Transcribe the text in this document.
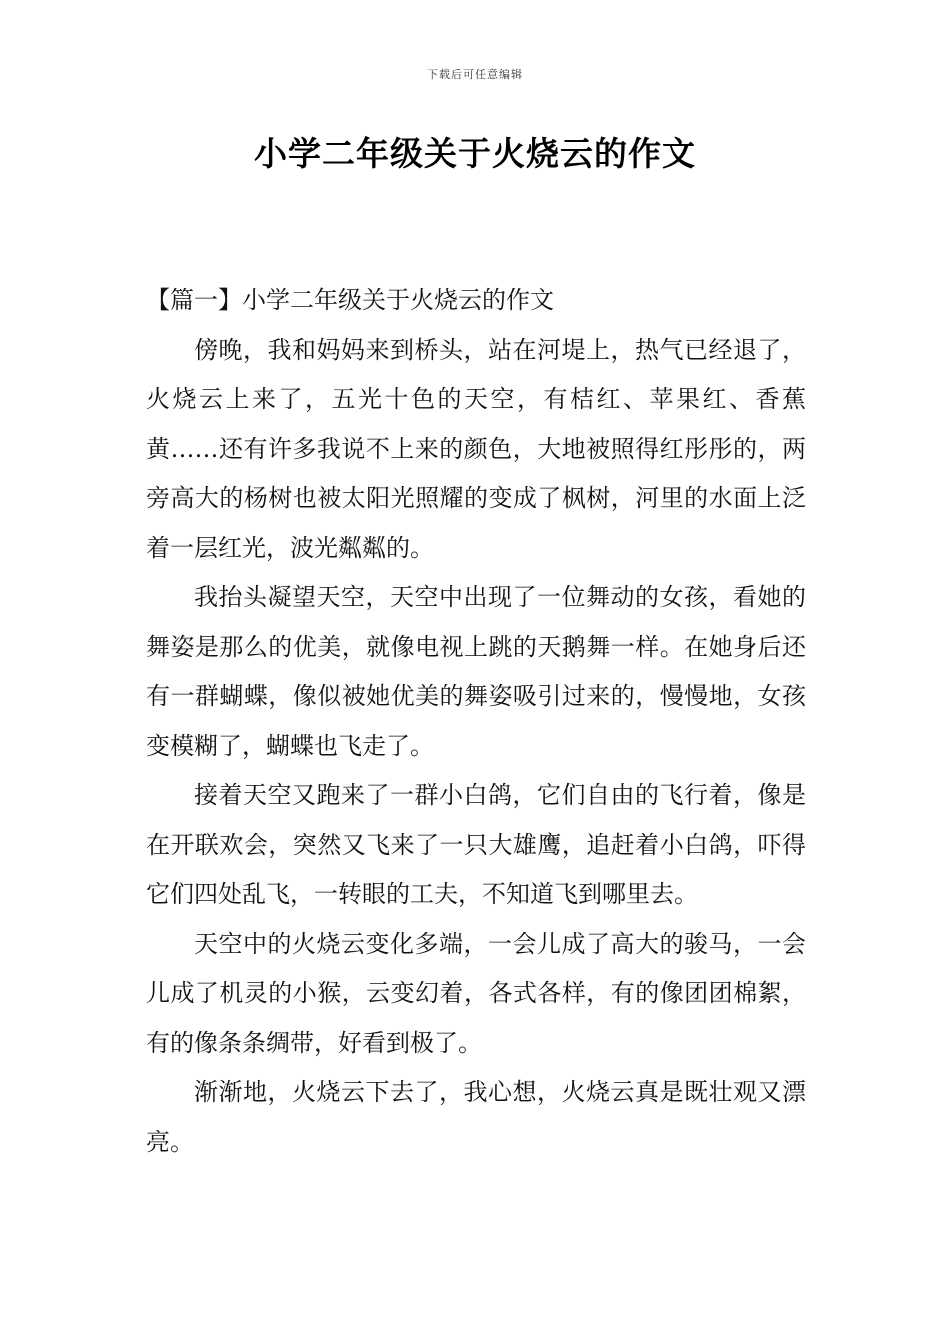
下载后可任意编辑
小学二年级关于火烧云的作文

【篇一】小学二年级关于火烧云的作文

傍晚，我和妈妈来到桥头，站在河堤上，热气已经退了，火烧云上来了，五光十色的天空，有桔红、苹果红、香蕉黄……还有许多我说不上来的颜色，大地被照得红彤彤的，两旁高大的杨树也被太阳光照耀的变成了枫树，河里的水面上泛着一层红光，波光粼粼的。

我抬头凝望天空，天空中出现了一位舞动的女孩，看她的舞姿是那么的优美，就像电视上跳的天鹅舞一样。在她身后还有一群蝴蝶，像似被她优美的舞姿吸引过来的，慢慢地，女孩变模糊了，蝴蝶也飞走了。

接着天空又跑来了一群小白鸽，它们自由的飞行着，像是在开联欢会，突然又飞来了一只大雄鹰，追赶着小白鸽，吓得它们四处乱飞，一转眼的工夫，不知道飞到哪里去。

天空中的火烧云变化多端，一会儿成了高大的骏马，一会儿成了机灵的小猴，云变幻着，各式各样，有的像团团棉絮，有的像条条绸带，好看到极了。

渐渐地，火烧云下去了，我心想，火烧云真是既壮观又漂亮。
